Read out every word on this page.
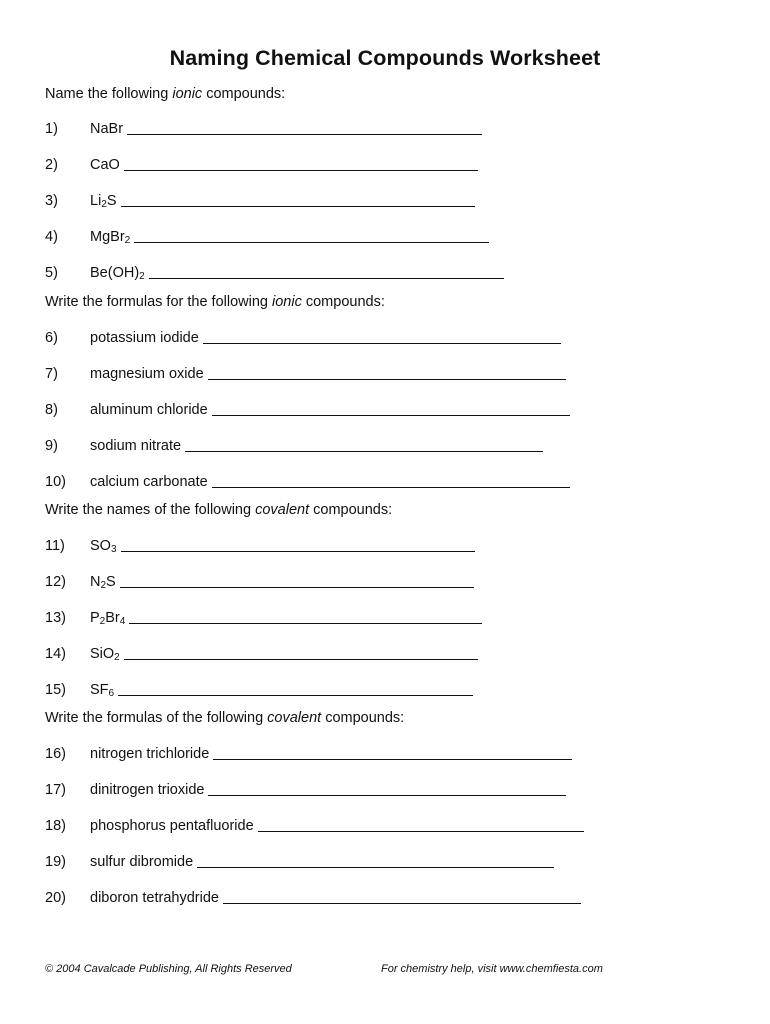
Naming Chemical Compounds Worksheet
Name the following ionic compounds:
1)	NaBr
2)	CaO
3)	$Li_2S$
4)	MgBr$_2$
5)	$Be(OH)_2$
Write the formulas for the following ionic compounds:
6)	potassium iodide
7)	magnesium oxide
8)	aluminum chloride
9)	sodium nitrate
10)	calcium carbonate
Write the names of the following covalent compounds:
11)	$SO_3$
12)	$N_2S$
13)	$P_2Br_4$
14)	SiO$_2$
15)	$SF_6$
Write the formulas of the following covalent compounds:
16)	nitrogen trichloride
17)	dinitrogen trioxide
18)	phosphorus pentafluoride
19)	sulfur dibromide
20)	diboron tetrahydride
© 2004 Cavalcade Publishing, All Rights Reserved	For chemistry help, visit www.chemfiesta.com
